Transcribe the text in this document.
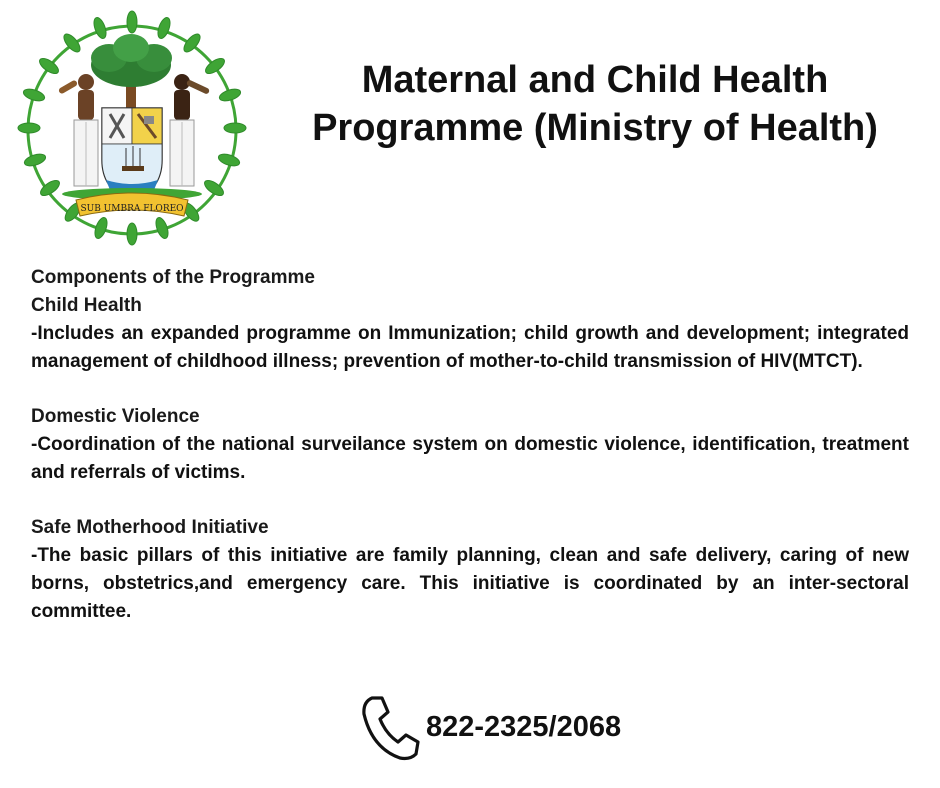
SUB UMBRA FLOREO
Maternal and Child Health
Programme (Ministry of Health)
Components of the Programme
Child Health
-Includes an expanded programme on Immunization; child growth and development; integrated management of childhood illness; prevention of mother-to-child transmission of HIV(MTCT).
Domestic Violence
-Coordination of the national surveilance system on domestic violence, identification, treatment and referrals of victims.
Safe Motherhood Initiative
-The basic pillars of this initiative are family planning, clean and safe delivery, caring of new borns, obstetrics,and emergency care. This initiative is coordinated by an inter-sectoral committee.
822-2325/2068
